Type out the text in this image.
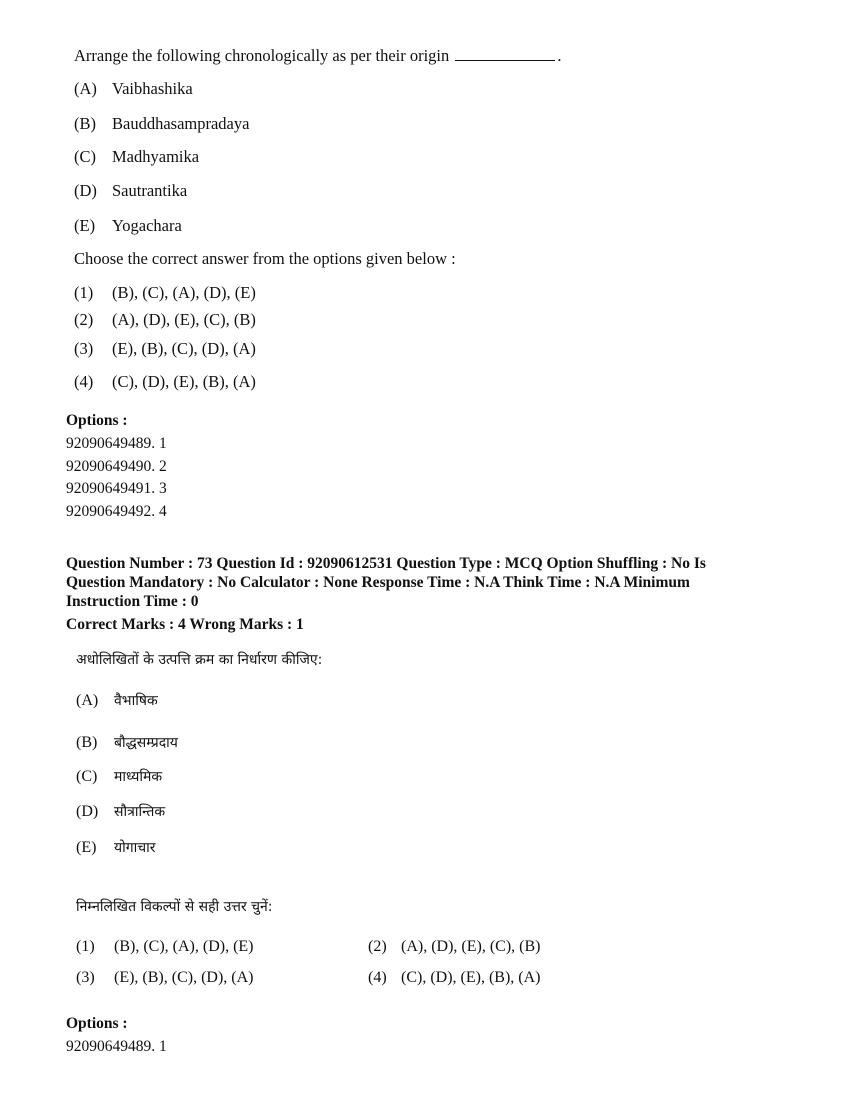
Arrange the following chronologically as per their origin	.
(A) Vaibhashika
(B) Bauddhasampradaya
(C) Madhyamika
(D) Sautrantika
(E) Yogachara
Choose the correct answer from the options given below :
(1) (B), (C), (A), (D), (E)
(2) (A), (D), (E), (C), (B)
(3) (E), (B), (C), (D), (A)
(4) (C), (D), (E), (B), (A)
Options :
92090649489. 1
92090649490. 2
92090649491. 3
92090649492. 4
Question Number : 73 Question Id : 92090612531 Question Type : MCQ Option Shuffling : No Is
Question Mandatory : No Calculator : None Response Time : N.A Think Time : N.A Minimum
Instruction Time : 0
Correct Marks : 4 Wrong Marks : 1
अधोलिखितों के उत्पत्ति क्रम का निर्धारण कीजिए:
(A) वैभाषिक
(B) बौद्धसम्प्रदाय
(C) माध्यमिक
(D) सौत्रान्तिक
(E) योगाचार
निम्नलिखित विकल्पों से सही उत्तर चुनें:
(1) (B), (C), (A), (D), (E)	(2) (A), (D), (E), (C), (B)
(3) (E), (B), (C), (D), (A)	(4) (C), (D), (E), (B), (A)
Options :
92090649489. 1
